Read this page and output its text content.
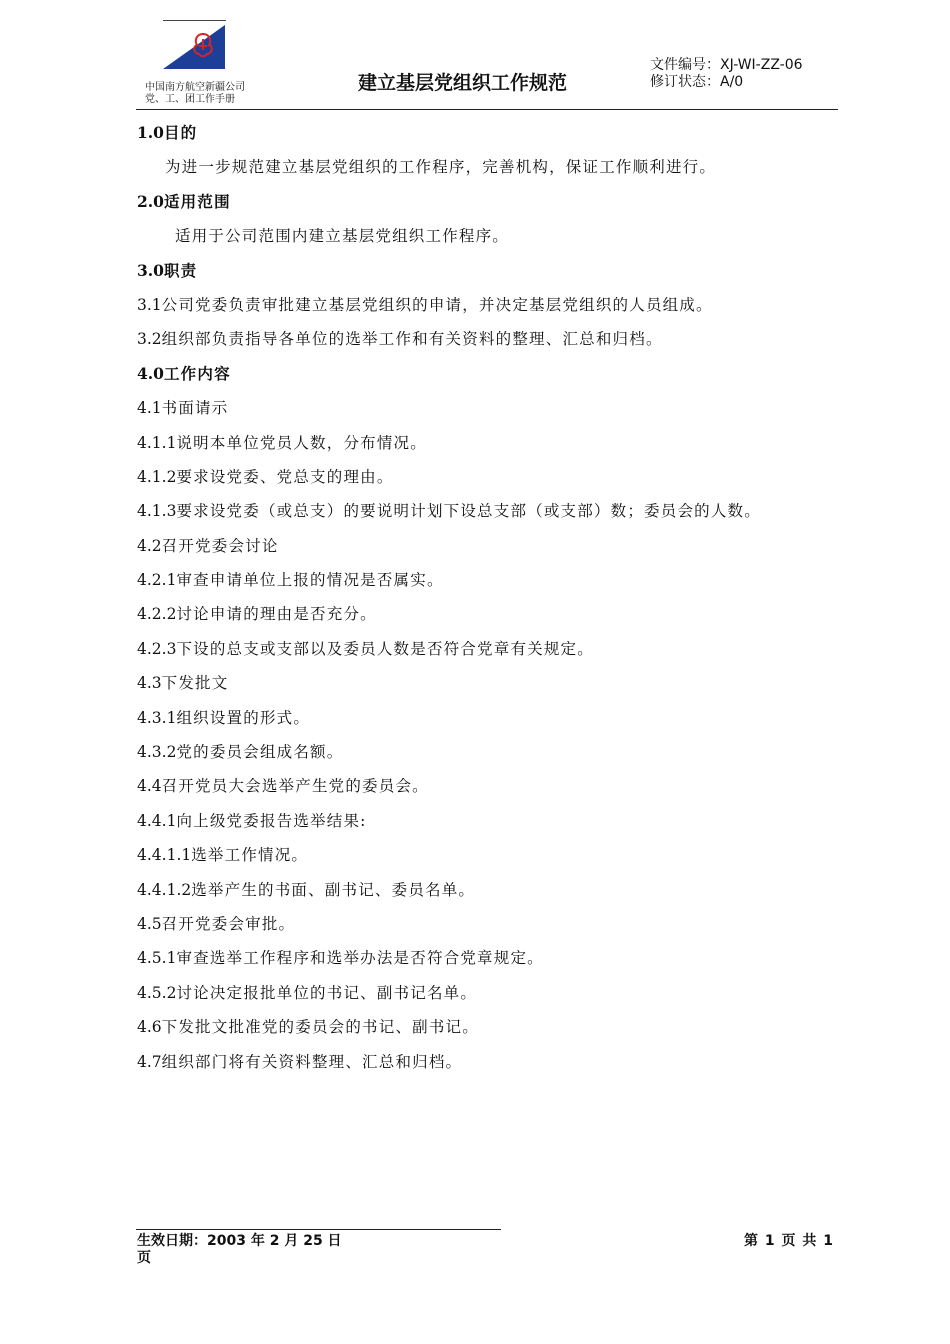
中国南方航空新疆公司
党、工、团工作手册
建立基层党组织工作规范
文件编号：XJ-WI-ZZ-06
修订状态：A/0
1.0目的
为进一步规范建立基层党组织的工作程序，完善机构，保证工作顺利进行。
2.0适用范围
适用于公司范围内建立基层党组织工作程序。
3.0职责
3.1公司党委负责审批建立基层党组织的申请，并决定基层党组织的人员组成。
3.2组织部负责指导各单位的选举工作和有关资料的整理、汇总和归档。
4.0工作内容
4.1书面请示
4.1.1说明本单位党员人数，分布情况。
4.1.2要求设党委、党总支的理由。
4.1.3要求设党委（或总支）的要说明计划下设总支部（或支部）数；委员会的人数。
4.2召开党委会讨论
4.2.1审查申请单位上报的情况是否属实。
4.2.2讨论申请的理由是否充分。
4.2.3下设的总支或支部以及委员人数是否符合党章有关规定。
4.3下发批文
4.3.1组织设置的形式。
4.3.2党的委员会组成名额。
4.4召开党员大会选举产生党的委员会。
4.4.1向上级党委报告选举结果:
4.4.1.1选举工作情况。
4.4.1.2选举产生的书面、副书记、委员名单。
4.5召开党委会审批。
4.5.1审查选举工作程序和选举办法是否符合党章规定。
4.5.2讨论决定报批单位的书记、副书记名单。
4.6下发批文批准党的委员会的书记、副书记。
4.7组织部门将有关资料整理、汇总和归档。
生效日期：2003 年 2 月 25 日
页
第 1 页 共 1
